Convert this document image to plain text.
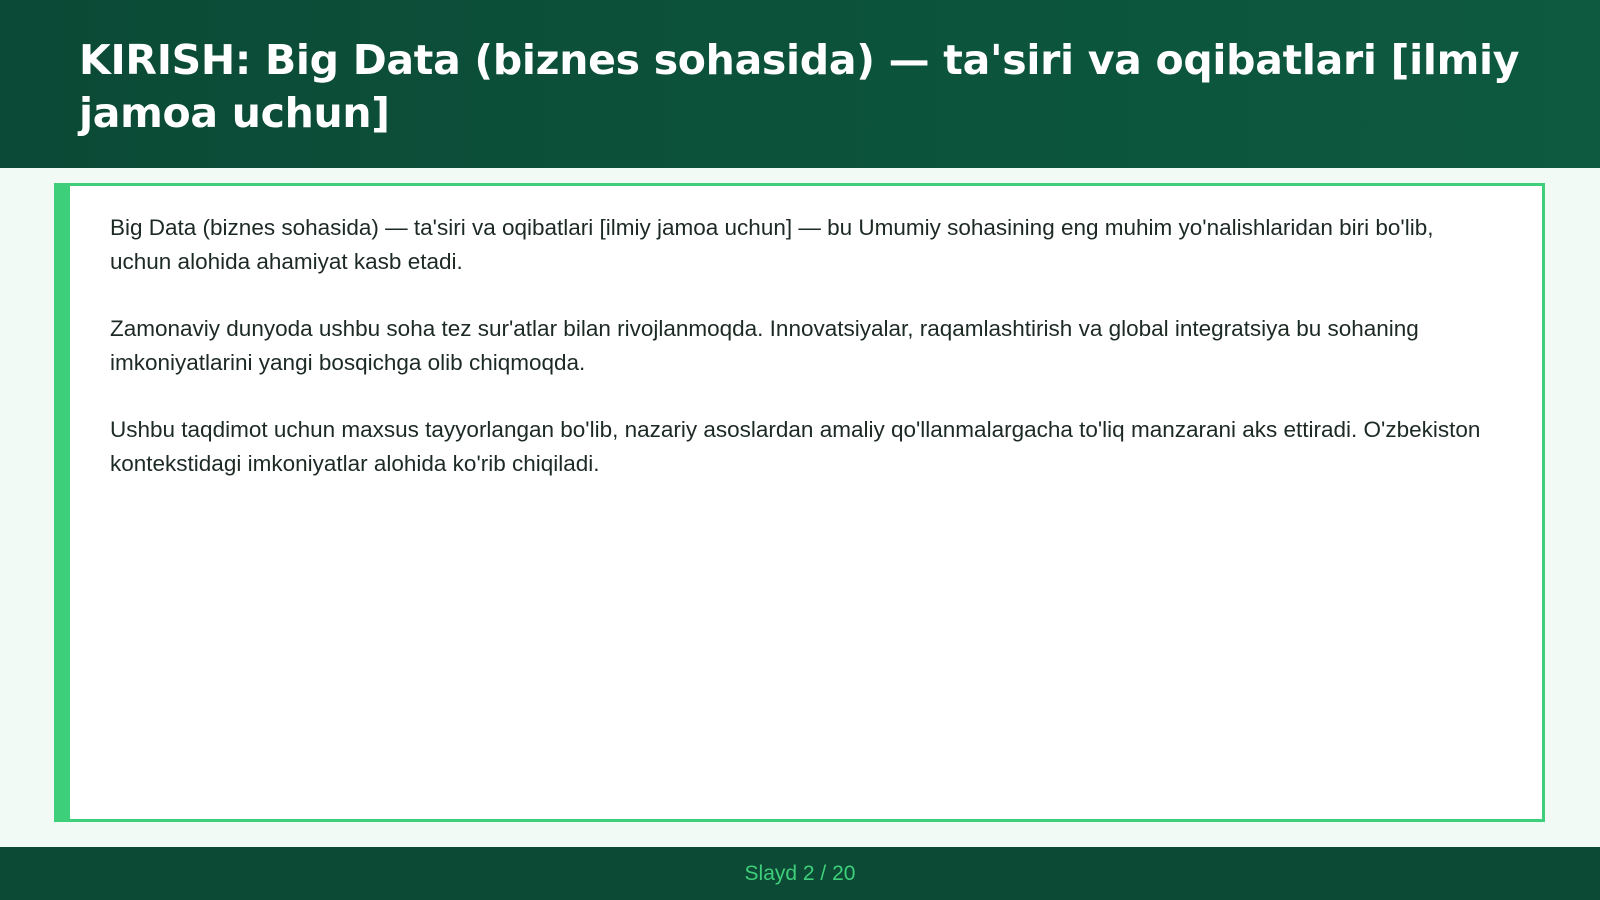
KIRISH: Big Data (biznes sohasida) — ta'siri va oqibatlari [ilmiy jamoa uchun]

Big Data (biznes sohasida) — ta'siri va oqibatlari [ilmiy jamoa uchun] — bu Umumiy sohasining eng muhim yo'nalishlaridan biri bo'lib, uchun alohida ahamiyat kasb etadi.

Zamonaviy dunyoda ushbu soha tez sur'atlar bilan rivojlanmoqda. Innovatsiyalar, raqamlashtirish va global integratsiya bu sohaning imkoniyatlarini yangi bosqichga olib chiqmoqda.

Ushbu taqdimot uchun maxsus tayyorlangan bo'lib, nazariy asoslardan amaliy qo'llanmalargacha to'liq manzarani aks ettiradi. O'zbekiston kontekstidagi imkoniyatlar alohida ko'rib chiqiladi.

Slayd 2 / 20
